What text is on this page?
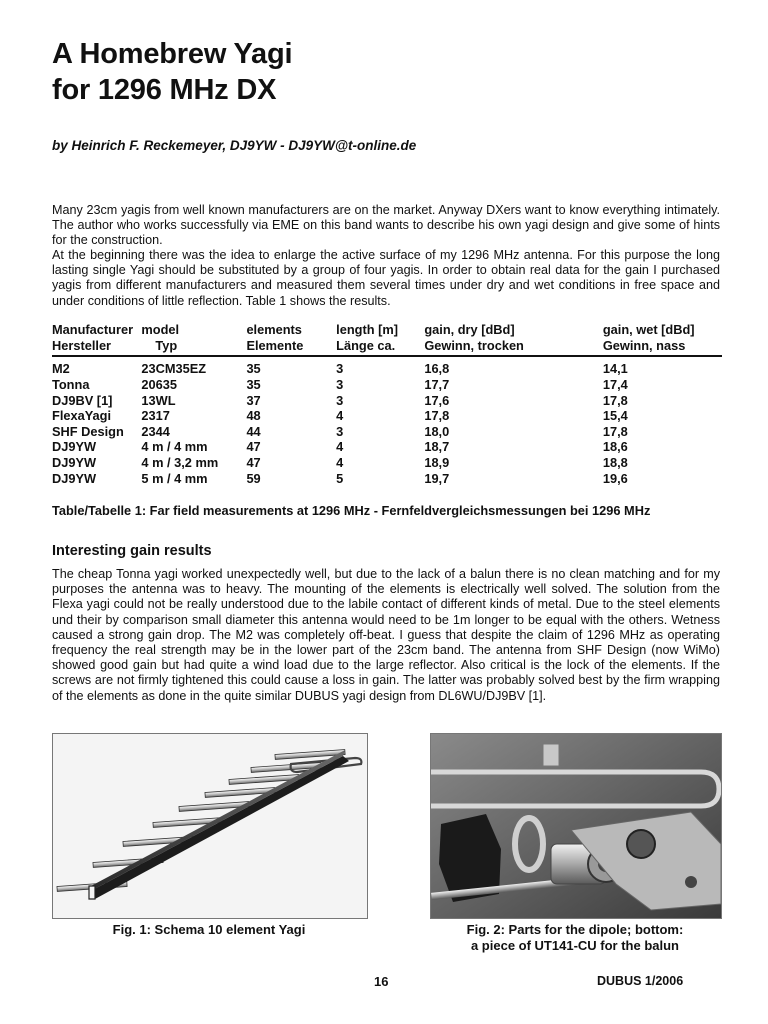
A Homebrew Yagi
for 1296 MHz DX
by Heinrich F. Reckemeyer, DJ9YW - DJ9YW@t-online.de

Many 23cm yagis from well known manufacturers are on the market. Anyway DXers want to know everything intimately. The author who works successfully via EME on this band wants to describe his own yagi design and give some of hints for the construction.

At the beginning there was the idea to enlarge the active surface of my 1296 MHz antenna. For this purpose the long lasting single Yagi should be substituted by a group of four yagis. In order to obtain real data for the gain I purchased yagis from different manufacturers and measured them several times under dry and wet conditions in free space and under conditions of little reflection. Table 1 shows the results.

Manufacturer	model	elements	length [m]	gain, dry [dBd]	gain, wet [dBd]
Hersteller	Typ	Elemente	Länge ca.	Gewinn, trocken	Gewinn, nass
M2	23CM35EZ	35	3	16,8	14,1
Tonna	20635	35	3	17,7	17,4
DJ9BV [1]	13WL	37	3	17,6	17,8
FlexaYagi	2317	48	4	17,8	15,4
SHF Design	2344	44	3	18,0	17,8
DJ9YW	4 m / 4 mm	47	4	18,7	18,6
DJ9YW	4 m / 3,2 mm	47	4	18,9	18,8
DJ9YW	5 m / 4 mm	59	5	19,7	19,6
Table/Tabelle 1: Far field measurements at 1296 MHz - Fernfeldvergleichsmessungen bei 1296 MHz
Interesting gain results

The cheap Tonna yagi worked unexpectedly well, but due to the lack of a balun there is no clean matching and for my purposes the antenna was to heavy. The mounting of the elements is electrically well solved. The solution from the Flexa yagi could not be really understood due to the labile contact of different kinds of metal. Due to the steel elements und their by comparison small diameter this antenna would need to be 1m longer to be equal with the others. Wetness caused a strong gain drop. The M2 was completely off-beat. I guess that despite the claim of 1296 MHz as operating frequency the real strength may be in the lower part of the 23cm band. The antenna from SHF Design (now WiMo) showed good gain but had quite a wind load due to the large reflector. Also critical is the lock of the elements. If the screws are not firmly tightened this could cause a loss in gain. The latter was probably solved best by the firm wrapping of the elements as done in the quite similar DUBUS yagi design from DL6WU/DJ9BV [1].

Fig. 1: Schema 10 element Yagi	Fig. 2: Parts for the dipole; bottom:
a piece of UT141-CU for the balun
16	DUBUS 1/2006
